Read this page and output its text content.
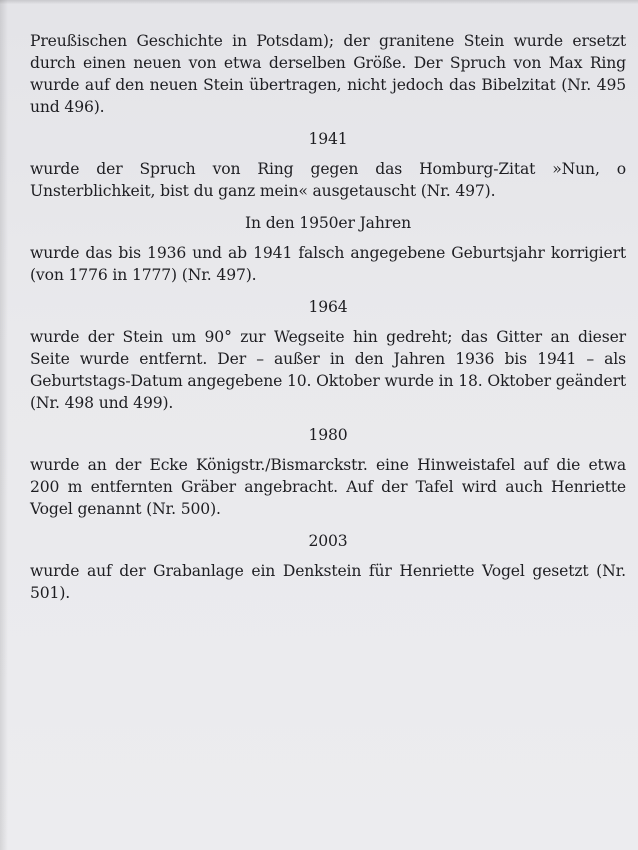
Preußischen Geschichte in Potsdam); der granitene Stein wurde ersetzt durch einen neuen von etwa derselben Größe. Der Spruch von Max Ring wurde auf den neuen Stein übertragen, nicht jedoch das Bibelzitat (Nr. 495 und 496).

1941

wurde der Spruch von Ring gegen das Homburg-Zitat »Nun, o Unsterblichkeit, bist du ganz mein« ausgetauscht (Nr. 497).

In den 1950er Jahren

wurde das bis 1936 und ab 1941 falsch angegebene Geburtsjahr korrigiert (von 1776 in 1777) (Nr. 497).

1964

wurde der Stein um 90° zur Wegseite hin gedreht; das Gitter an dieser Seite wurde entfernt. Der – außer in den Jahren 1936 bis 1941 – als Geburtstags-Datum angegebene 10. Oktober wurde in 18. Oktober geändert (Nr. 498 und 499).

1980

wurde an der Ecke Königstr./Bismarckstr. eine Hinweistafel auf die etwa 200 m entfernten Gräber angebracht. Auf der Tafel wird auch Henriette Vogel genannt (Nr. 500).

2003

wurde auf der Grabanlage ein Denkstein für Henriette Vogel gesetzt (Nr. 501).
